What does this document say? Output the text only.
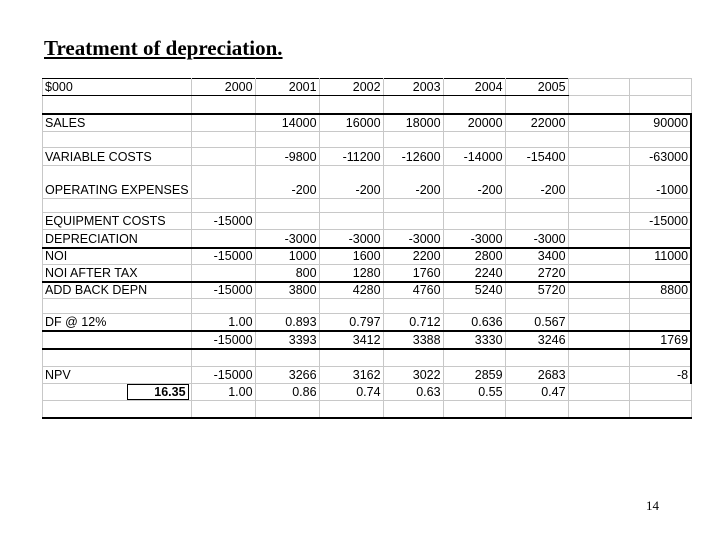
Treatment of depreciation.
$000	2000	2001	2002	2003	2004	2005		

SALES		14000	16000	18000	20000	22000		90000

VARIABLE COSTS		-9800	-11200	-12600	-14000	-15400		-63000
OPERATING EXPENSES		-200	-200	-200	-200	-200		-1000

EQUIPMENT COSTS	-15000							-15000
DEPRECIATION		-3000	-3000	-3000	-3000	-3000		
NOI	-15000	1000	1600	2200	2800	3400		11000
NOI AFTER TAX		800	1280	1760	2240	2720		
ADD BACK DEPN	-15000	3800	4280	4760	5240	5720		8800

DF @ 12%	1.00	0.893	0.797	0.712	0.636	0.567		
	-15000	3393	3412	3388	3330	3246		1769

NPV	-15000	3266	3162	3022	2859	2683		-8
16.35	1.00	0.86	0.74	0.63	0.55	0.47		

14
